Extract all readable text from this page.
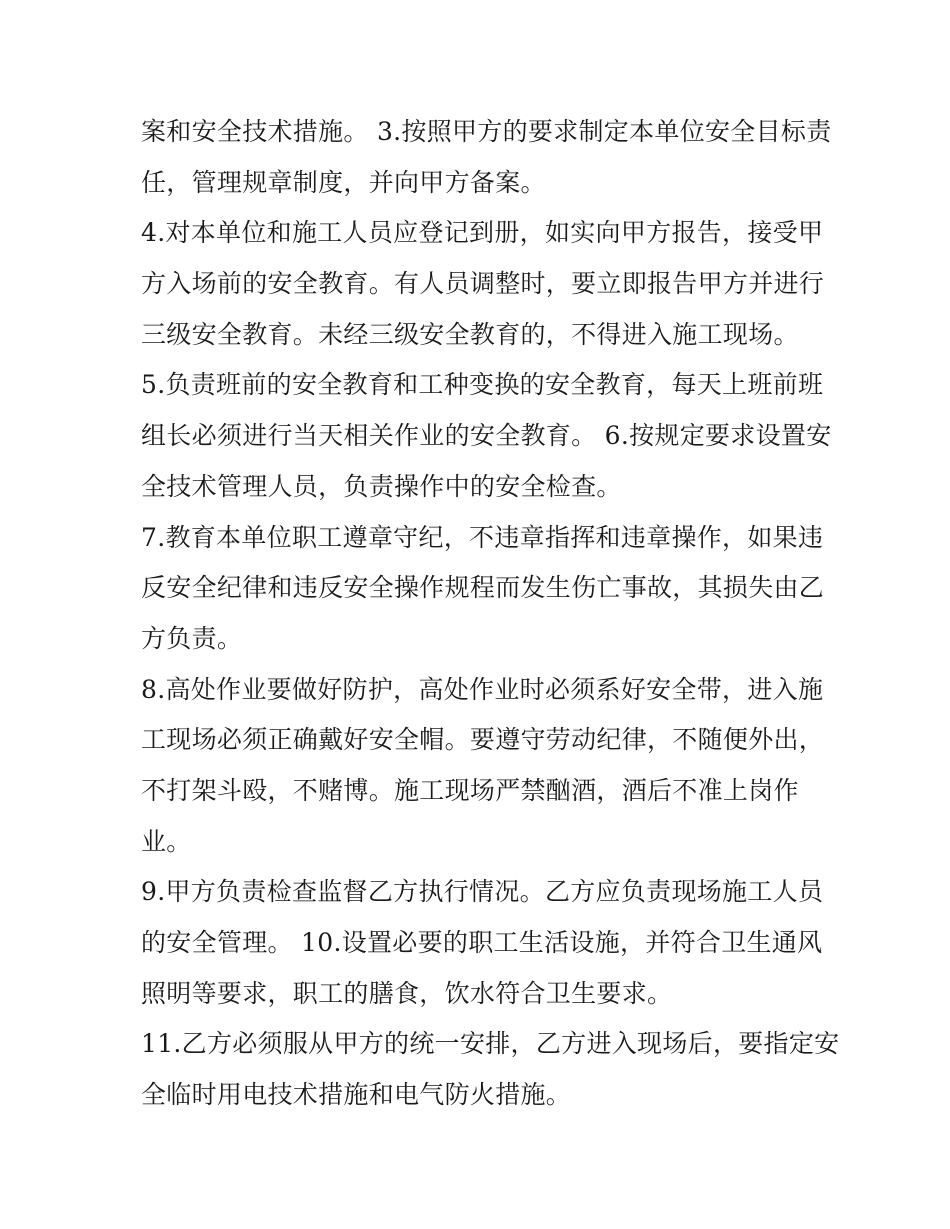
案和安全技术措施。 3.按照甲方的要求制定本单位安全目标责
任，管理规章制度，并向甲方备案。
4.对本单位和施工人员应登记到册，如实向甲方报告，接受甲
方入场前的安全教育。有人员调整时，要立即报告甲方并进行
三级安全教育。未经三级安全教育的，不得进入施工现场。
5.负责班前的安全教育和工种变换的安全教育，每天上班前班
组长必须进行当天相关作业的安全教育。 6.按规定要求设置安
全技术管理人员，负责操作中的安全检查。
7.教育本单位职工遵章守纪，不违章指挥和违章操作，如果违
反安全纪律和违反安全操作规程而发生伤亡事故，其损失由乙
方负责。
8.高处作业要做好防护，高处作业时必须系好安全带，进入施
工现场必须正确戴好安全帽。要遵守劳动纪律，不随便外出，
不打架斗殴，不赌博。施工现场严禁酗酒，酒后不准上岗作
业。
9.甲方负责检查监督乙方执行情况。乙方应负责现场施工人员
的安全管理。 10.设置必要的职工生活设施，并符合卫生通风
照明等要求，职工的膳食，饮水符合卫生要求。
11.乙方必须服从甲方的统一安排，乙方进入现场后，要指定安
全临时用电技术措施和电气防火措施。
